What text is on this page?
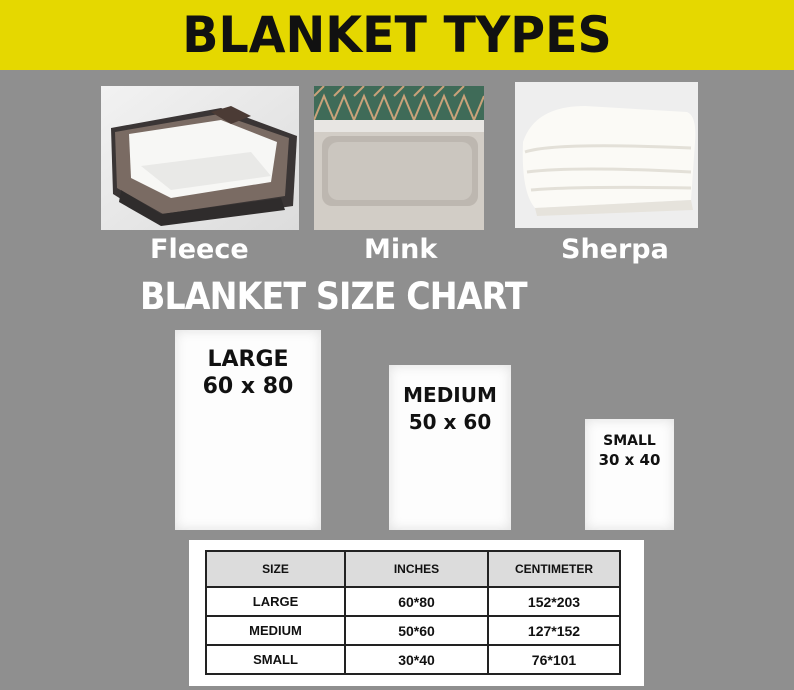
BLANKET TYPES
Fleece	Mink	Sherpa
BLANKET SIZE CHART
LARGE
60 x 80	MEDIUM
50 x 60
SMALL
30 x 40
SIZE	INCHES	CENTIMETER
LARGE	60*80	152*203
MEDIUM	50*60	127*152
SMALL	30*40	76*101
